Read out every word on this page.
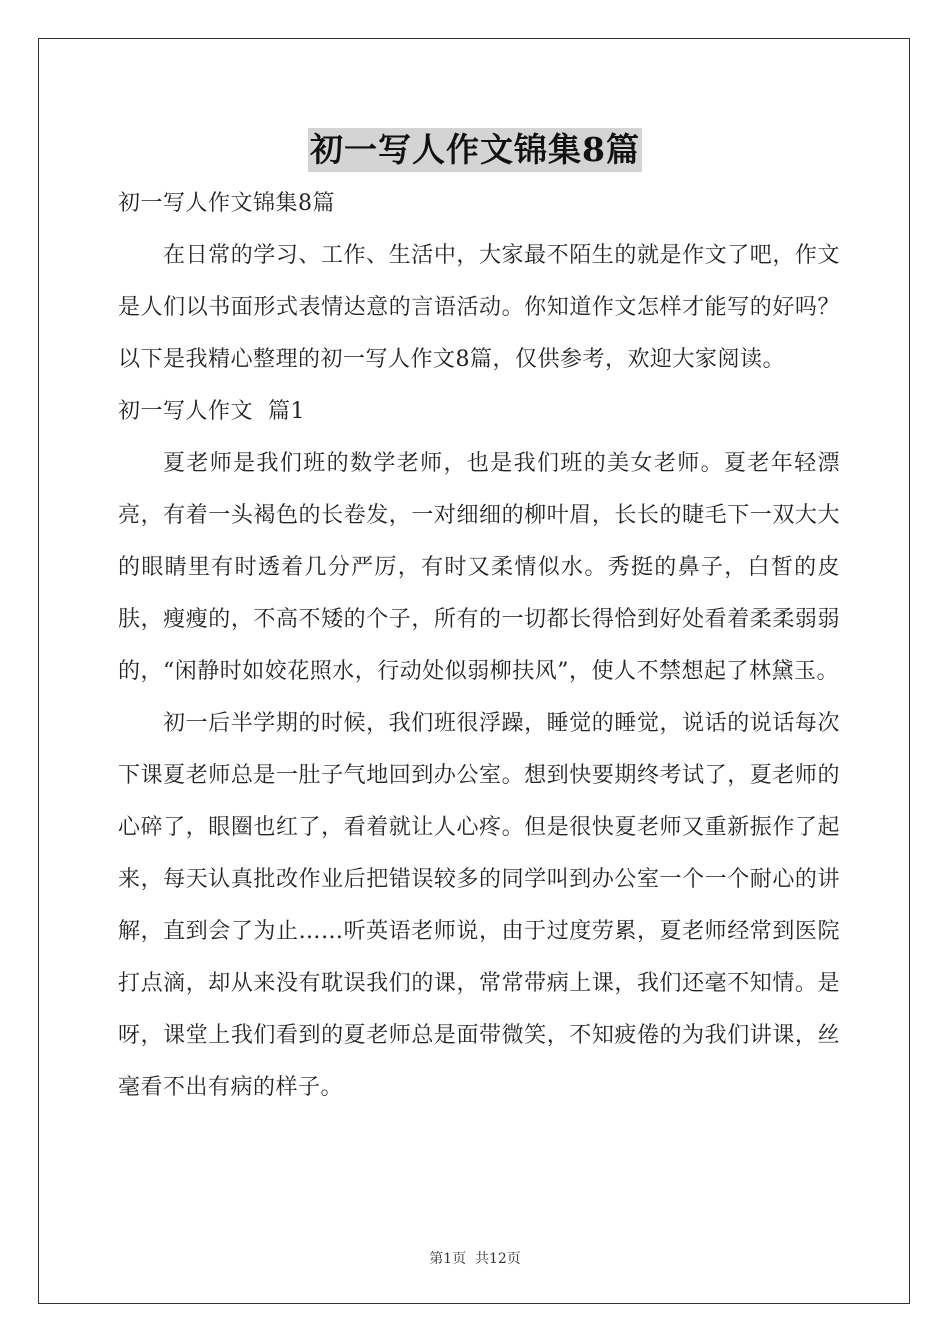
初一写人作文锦集8篇

初一写人作文锦集8篇

在日常的学习、工作、生活中，大家最不陌生的就是作文了吧，作文是人们以书面形式表情达意的言语活动。你知道作文怎样才能写的好吗？以下是我精心整理的初一写人作文8篇，仅供参考，欢迎大家阅读。

初一写人作文  篇1

夏老师是我们班的数学老师，也是我们班的美女老师。夏老年轻漂亮，有着一头褐色的长卷发，一对细细的柳叶眉，长长的睫毛下一双大大的眼睛里有时透着几分严厉，有时又柔情似水。秀挺的鼻子，白皙的皮肤，瘦瘦的，不高不矮的个子，所有的一切都长得恰到好处看着柔柔弱弱的，“闲静时如姣花照水，行动处似弱柳扶风”，使人不禁想起了林黛玉。

初一后半学期的时候，我们班很浮躁，睡觉的睡觉，说话的说话每次下课夏老师总是一肚子气地回到办公室。想到快要期终考试了，夏老师的心碎了，眼圈也红了，看着就让人心疼。但是很快夏老师又重新振作了起来，每天认真批改作业后把错误较多的同学叫到办公室一个一个耐心的讲解，直到会了为止……听英语老师说，由于过度劳累，夏老师经常到医院打点滴，却从来没有耽误我们的课，常常带病上课，我们还毫不知情。是呀，课堂上我们看到的夏老师总是面带微笑，不知疲倦的为我们讲课，丝毫看不出有病的样子。

第1页  共12页
